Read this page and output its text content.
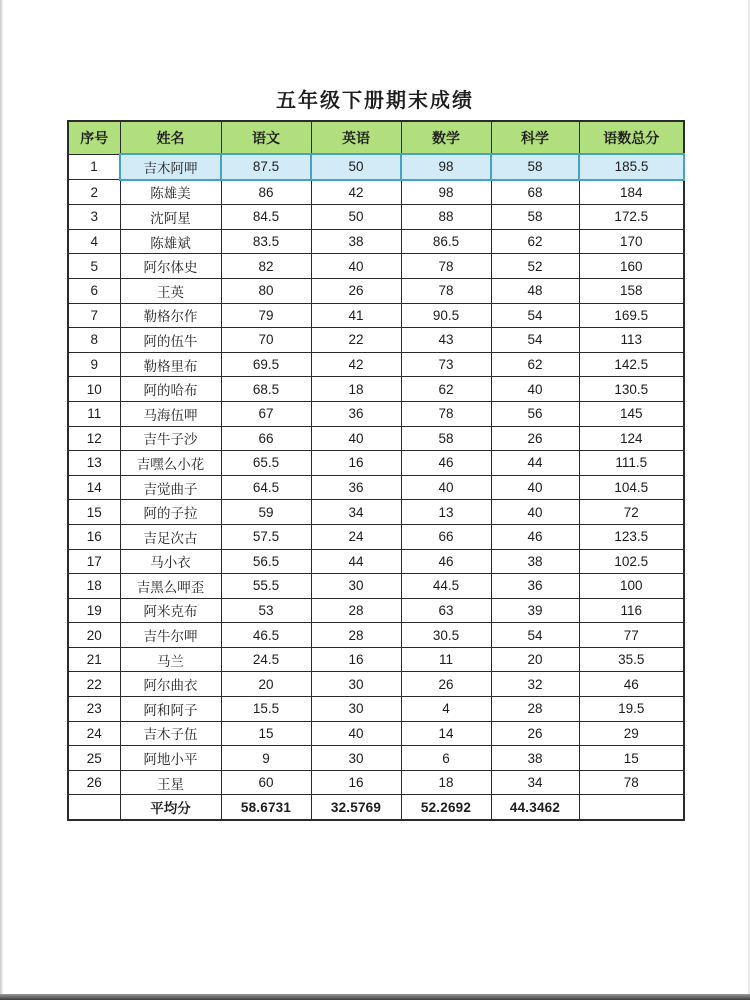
五年级下册期末成绩
序号	姓名	语文	英语	数学	科学	语数总分
1	吉木阿呷	87.5	50	98	58	185.5
2	陈雄美	86	42	98	68	184
3	沈阿星	84.5	50	88	58	172.5
4	陈雄斌	83.5	38	86.5	62	170
5	阿尔体史	82	40	78	52	160
6	王英	80	26	78	48	158
7	勒格尔作	79	41	90.5	54	169.5
8	阿的伍牛	70	22	43	54	113
9	勒格里布	69.5	42	73	62	142.5
10	阿的哈布	68.5	18	62	40	130.5
11	马海伍呷	67	36	78	56	145
12	吉牛子沙	66	40	58	26	124
13	吉嘿么小花	65.5	16	46	44	111.5
14	吉觉曲子	64.5	36	40	40	104.5
15	阿的子拉	59	34	13	40	72
16	吉足次古	57.5	24	66	46	123.5
17	马小衣	56.5	44	46	38	102.5
18	吉黑么呷歪	55.5	30	44.5	36	100
19	阿米克布	53	28	63	39	116
20	吉牛尔呷	46.5	28	30.5	54	77
21	马兰	24.5	16	11	20	35.5
22	阿尔曲衣	20	30	26	32	46
23	阿和阿子	15.5	30	4	28	19.5
24	吉木子伍	15	40	14	26	29
25	阿地小平	9	30	6	38	15
26	王星	60	16	18	34	78
	平均分	58.6731	32.5769	52.2692	44.3462	
